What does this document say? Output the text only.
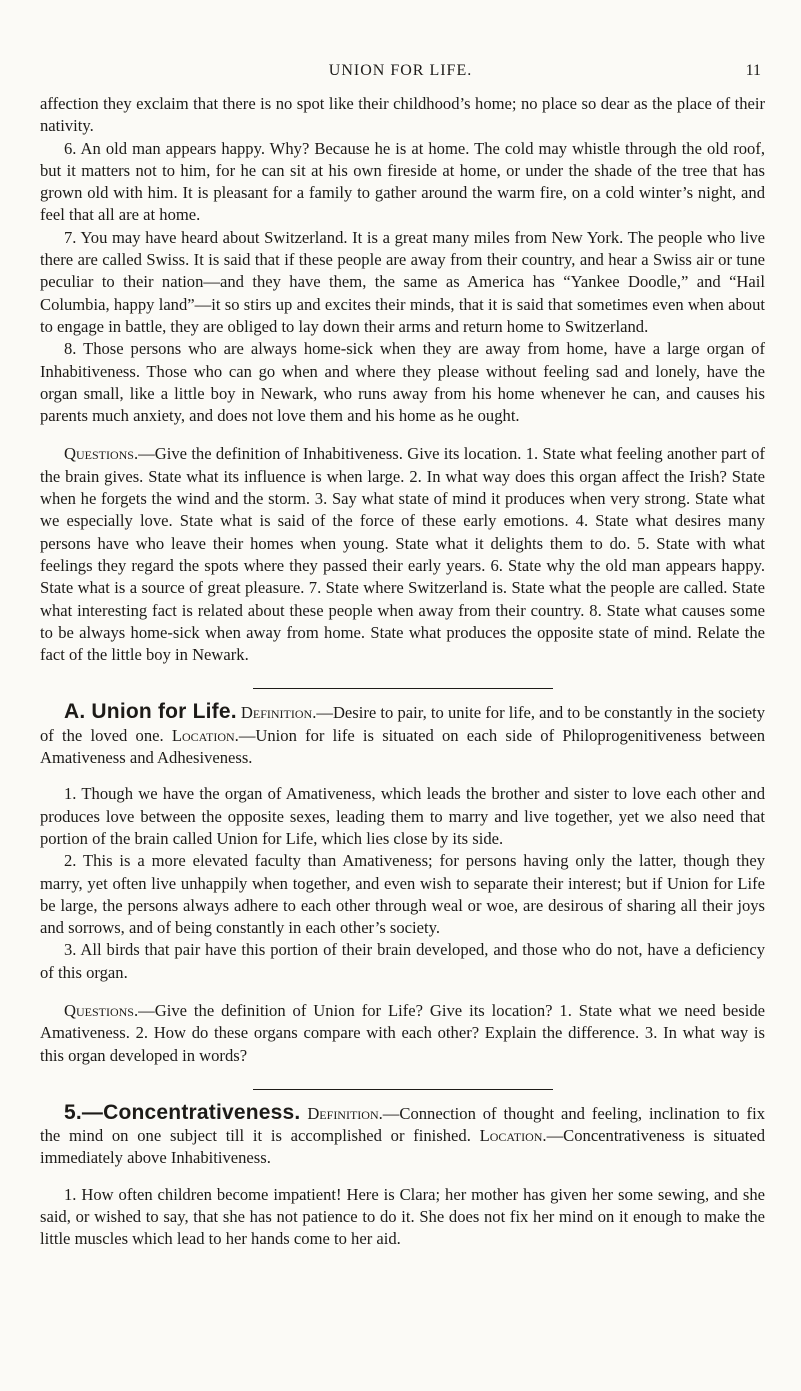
UNION FOR LIFE.	11

affection they exclaim that there is no spot like their childhood’s home; no place so dear as the place of their nativity.

6. An old man appears happy. Why? Because he is at home. The cold may whistle through the old roof, but it matters not to him, for he can sit at his own fireside at home, or under the shade of the tree that has grown old with him. It is pleasant for a family to gather around the warm fire, on a cold winter’s night, and feel that all are at home.

7. You may have heard about Switzerland. It is a great many miles from New York. The people who live there are called Swiss. It is said that if these people are away from their country, and hear a Swiss air or tune peculiar to their nation—and they have them, the same as America has “Yankee Doodle,” and “Hail Columbia, happy land”—it so stirs up and excites their minds, that it is said that sometimes even when about to engage in battle, they are obliged to lay down their arms and return home to Switzerland.

8. Those persons who are always home-sick when they are away from home, have a large organ of Inhabitiveness. Those who can go when and where they please without feeling sad and lonely, have the organ small, like a little boy in Newark, who runs away from his home whenever he can, and causes his parents much anxiety, and does not love them and his home as he ought.

Questions.—Give the definition of Inhabitiveness. Give its location. 1. State what feeling another part of the brain gives. State what its influence is when large. 2. In what way does this organ affect the Irish? State when he forgets the wind and the storm. 3. Say what state of mind it produces when very strong. State what we especially love. State what is said of the force of these early emotions. 4. State what desires many persons have who leave their homes when young. State what it delights them to do. 5. State with what feelings they regard the spots where they passed their early years. 6. State why the old man appears happy. State what is a source of great pleasure. 7. State where Switzerland is. State what the people are called. State what interesting fact is related about these people when away from their country. 8. State what causes some to be always home-sick when away from home. State what produces the opposite state of mind. Relate the fact of the little boy in Newark.

A. Union for Life. Definition.—Desire to pair, to unite for life, and to be constantly in the society of the loved one. Location.—Union for life is situated on each side of Philoprogenitiveness between Amativeness and Adhesiveness.

1. Though we have the organ of Amativeness, which leads the brother and sister to love each other and produces love between the opposite sexes, leading them to marry and live together, yet we also need that portion of the brain called Union for Life, which lies close by its side.

2. This is a more elevated faculty than Amativeness; for persons having only the latter, though they marry, yet often live unhappily when together, and even wish to separate their interest; but if Union for Life be large, the persons always adhere to each other through weal or woe, are desirous of sharing all their joys and sorrows, and of being constantly in each other’s society.

3. All birds that pair have this portion of their brain developed, and those who do not, have a deficiency of this organ.

Questions.—Give the definition of Union for Life? Give its location? 1. State what we need beside Amativeness. 2. How do these organs compare with each other? Explain the difference. 3. In what way is this organ developed in words?

5.—Concentrativeness. Definition.—Connection of thought and feeling, inclination to fix the mind on one subject till it is accomplished or finished. Location.—Concentrativeness is situated immediately above Inhabitiveness.

1. How often children become impatient! Here is Clara; her mother has given her some sewing, and she said, or wished to say, that she has not patience to do it. She does not fix her mind on it enough to make the little muscles which lead to her hands come to her aid.
